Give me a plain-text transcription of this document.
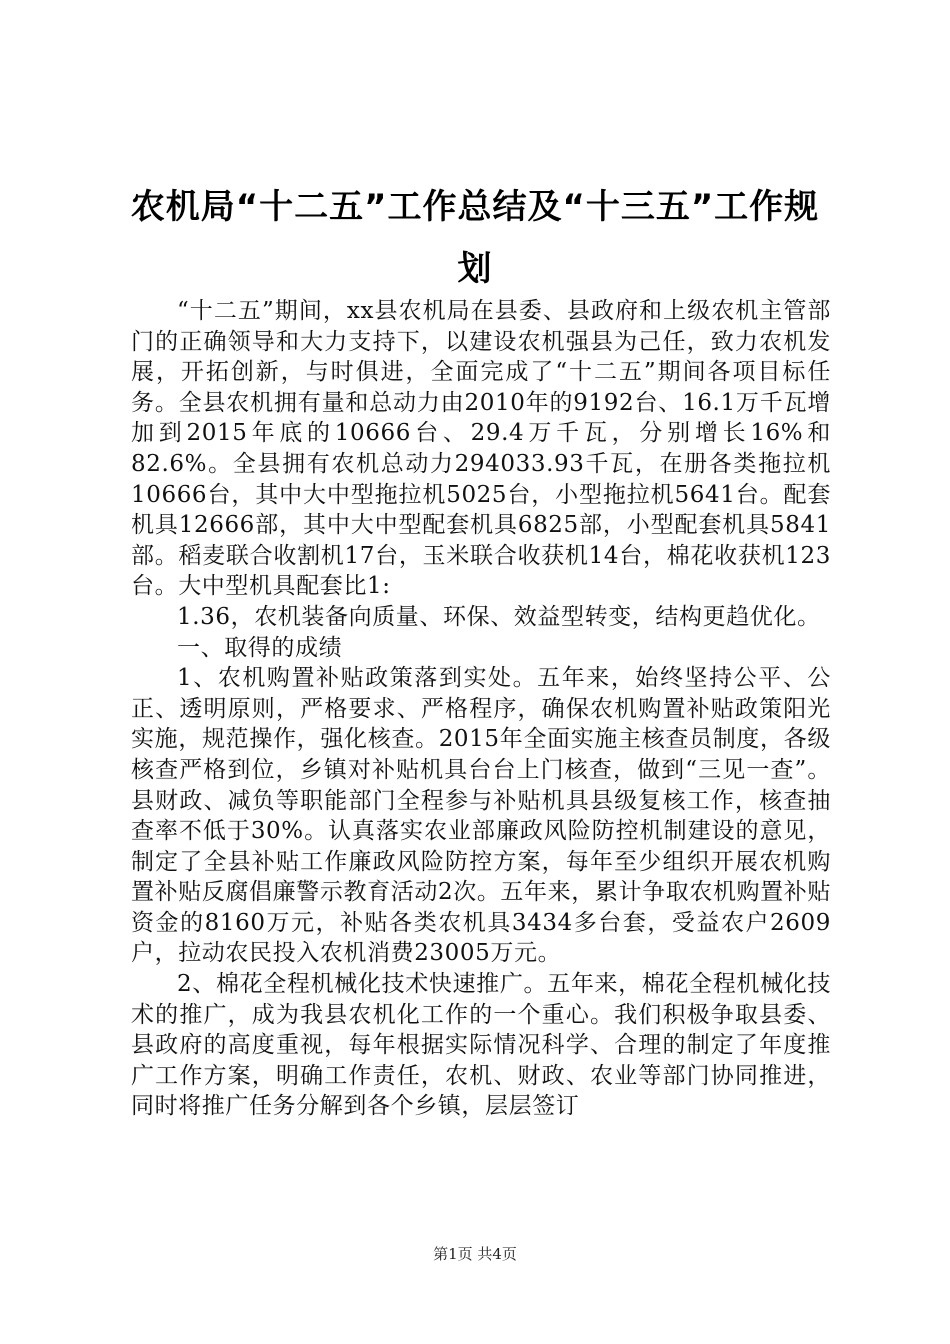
农机局“十二五”工作总结及“十三五”工作规划

“十二五”期间，xx县农机局在县委、县政府和上级农机主管部门的正确领导和大力支持下，以建设农机强县为己任，致力农机发展，开拓创新，与时俱进，全面完成了“十二五”期间各项目标任务。全县农机拥有量和总动力由2010年的9192台、16.1万千瓦增加到2015年底的10666台、29.4万千瓦，分别增长16%和82.6%。全县拥有农机总动力294033.93千瓦，在册各类拖拉机10666台，其中大中型拖拉机5025台，小型拖拉机5641台。配套机具12666部，其中大中型配套机具6825部，小型配套机具5841部。稻麦联合收割机17台，玉米联合收获机14台，棉花收获机123台。大中型机具配套比1:

1.36，农机装备向质量、环保、效益型转变，结构更趋优化。

一、取得的成绩

1、农机购置补贴政策落到实处。五年来，始终坚持公平、公正、透明原则，严格要求、严格程序，确保农机购置补贴政策阳光实施，规范操作，强化核查。2015年全面实施主核查员制度，各级核查严格到位，乡镇对补贴机具台台上门核查，做到“三见一查”。县财政、减负等职能部门全程参与补贴机具县级复核工作，核查抽查率不低于30%。认真落实农业部廉政风险防控机制建设的意见，制定了全县补贴工作廉政风险防控方案，每年至少组织开展农机购置补贴反腐倡廉警示教育活动2次。五年来，累计争取农机购置补贴资金的8160万元，补贴各类农机具3434多台套，受益农户2609户，拉动农民投入农机消费23005万元。

2、棉花全程机械化技术快速推广。五年来，棉花全程机械化技术的推广，成为我县农机化工作的一个重心。我们积极争取县委、县政府的高度重视，每年根据实际情况科学、合理的制定了年度推广工作方案，明确工作责任，农机、财政、农业等部门协同推进，同时将推广任务分解到各个乡镇，层层签订

第1页 共4页
